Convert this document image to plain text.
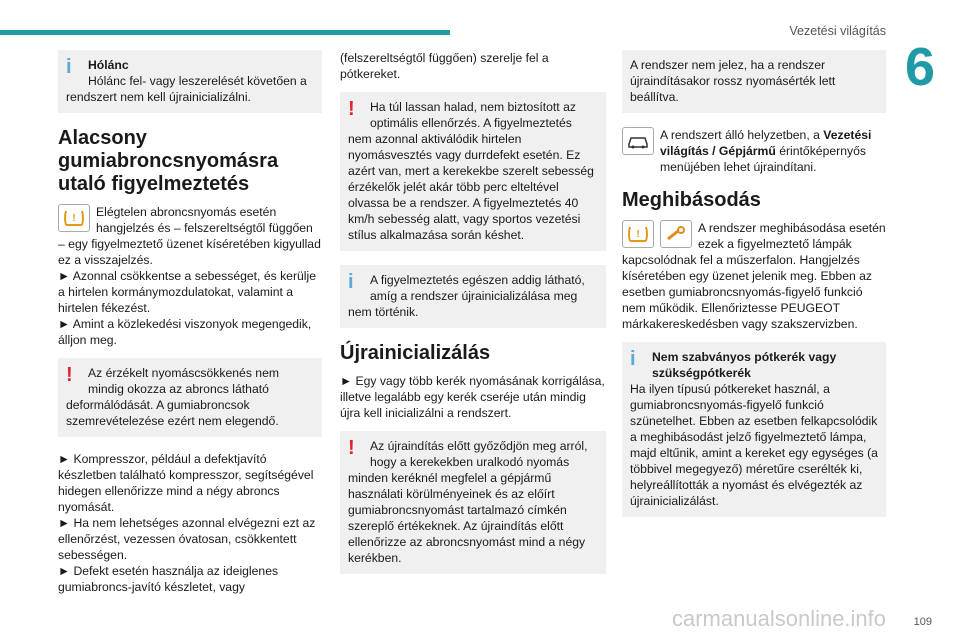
Vezetési világítás
6
i	Hólánc
Hólánc fel- vagy leszerelését követően a rendszert nem kell újrainicializálni.
Alacsony gumiabroncsnyomásra utaló figyelmeztetés
! Elégtelen abroncsnyomás esetén hangjelzés és – felszereltségtől függően

– egy figyelmeztető üzenet kíséretében kigyullad ez a visszajelzés.

► Azonnal csökkentse a sebességet, és kerülje a hirtelen kormánymozdulatokat, valamint a hirtelen fékezést.

► Amint a közlekedési viszonyok megengedik, álljon meg.

!	Az érzékelt nyomáscsökkenés nem mindig okozza az abroncs látható deformálódását. A gumiabroncsok szemrevételezése ezért nem elegendő.

► Kompresszor, például a defektjavító készletben található kompresszor, segítségével hidegen ellenőrizze mind a négy abroncs nyomását.

► Ha nem lehetséges azonnal elvégezni ezt az ellenőrzést, vezessen óvatosan, csökkentett sebességen.

► Defekt esetén használja az ideiglenes gumiabroncs-javító készletet, vagy

(felszereltségtől függően) szerelje fel a pótkereket.

!	Ha túl lassan halad, nem biztosított az optimális ellenőrzés. A figyelmeztetés nem azonnal aktiválódik hirtelen nyomásvesztés vagy durrdefekt esetén. Ez azért van, mert a kerekekbe szerelt sebesség érzékelők jelét akár több perc elteltével olvassa be a rendszer. A figyelmeztetés 40 km/h sebesség alatt, vagy sportos vezetési stílus alkalmazása során késhet.
i	A figyelmeztetés egészen addig látható, amíg a rendszer újrainicializálása meg nem történik.
Újrainicializálás

► Egy vagy több kerék nyomásának korrigálása, illetve legalább egy kerék cseréje után mindig újra kell inicializálni a rendszert.

!	Az újraindítás előtt győződjön meg arról, hogy a kerekekben uralkodó nyomás minden keréknél megfelel a gépjármű használati körülményeinek és az előírt gumiabroncsnyomást tartalmazó címkén szereplő értékeknek. Az újraindítás előtt ellenőrizze az abroncsnyomást mind a négy kerékben.
A rendszer nem jelez, ha a rendszer újraindításakor rossz nyomásérték lett beállítva.
A rendszert álló helyzetben, a Vezetési világítás / Gépjármű érintőképernyős menüjében lehet újraindítani.
Meghibásodás
!	A rendszer meghibásodása esetén ezek a figyelmeztető lámpák

kapcsolódnak fel a műszerfalon. Hangjelzés kíséretében egy üzenet jelenik meg. Ebben az esetben gumiabroncsnyomás-figyelő funkció nem működik. Ellenőriztesse PEUGEOT márkakereskedésben vagy szakszervizben.

i	Nem szabványos pótkerék vagy szükségpótkerék
Ha ilyen típusú pótkereket használ, a gumiabroncsnyomás-figyelő funkció szünetelhet. Ebben az esetben felkapcsolódik a meghibásodást jelző figyelmeztető lámpa, majd eltűnik, amint a kereket egy egységes (a többivel megegyező) méretűre cserélték ki, helyreállították a nyomást és elvégezték az újrainicializálást.
109
carmanualsonline.info
